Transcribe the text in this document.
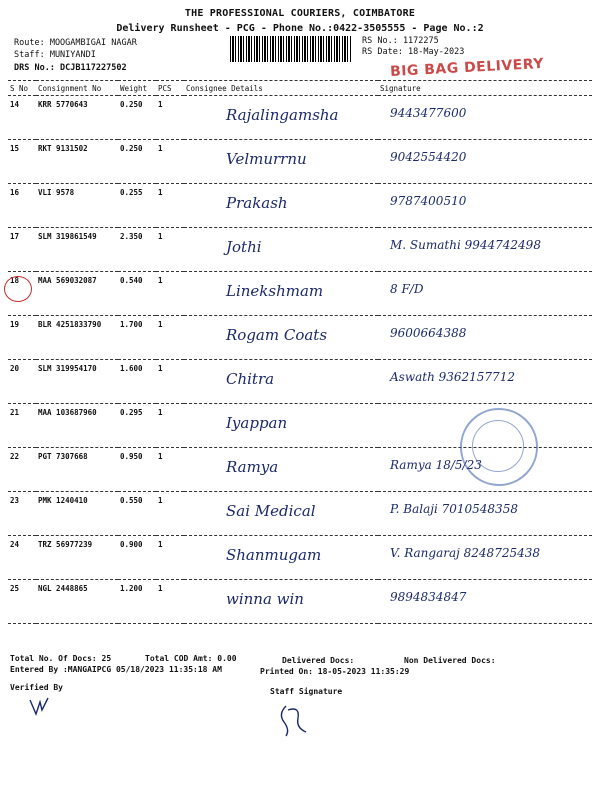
THE PROFESSIONAL COURIERS, COIMBATORE
Delivery Runsheet - PCG - Phone No.:0422-3505555 - Page No.:2
Route: MOOGAMBIGAI NAGAR
Staff: MUNIYANDI
DRS No.: DCJB117227502
RS No.: 1172275
RS Date: 18-May-2023
BIG BAG DELIVERY
S No	Consignment No	Weight	PCS	Consignee Details	Signature
14	KRR 5770643	0.250	1	Rajalingamsha	9443477600
15	RKT 9131502	0.250	1	Velmurrnu	9042554420
16	VLI 9578	0.255	1	Prakash	9787400510
17	SLM 319861549	2.350	1	Jothi	M. Sumathi 9944742498
18	MAA 569032087	0.540	1	Linekshmam	8 F/D
19	BLR 4251833790	1.700	1	Rogam Coats	9600664388
20	SLM 319954170	1.600	1	Chitra	Aswath 9362157712
21	MAA 103687960	0.295	1	Iyappan	
22	PGT 7307668	0.950	1	Ramya	Ramya 18/5/23
23	PMK 1240410	0.550	1	Sai Medical	P. Balaji 7010548358
24	TRZ 56977239	0.900	1	Shanmugam	V. Rangaraj 8248725438
25	NGL 2448865	1.200	1	winna win	9894834847
Total No. Of Docs: 25	Total COD Amt: 0.00	Delivered Docs:	Non Delivered Docs:
Entered By :MANGAIPCG 05/18/2023 11:35:18 AM	Printed On: 18-05-2023 11:35:29
Verified By	Staff Signature
